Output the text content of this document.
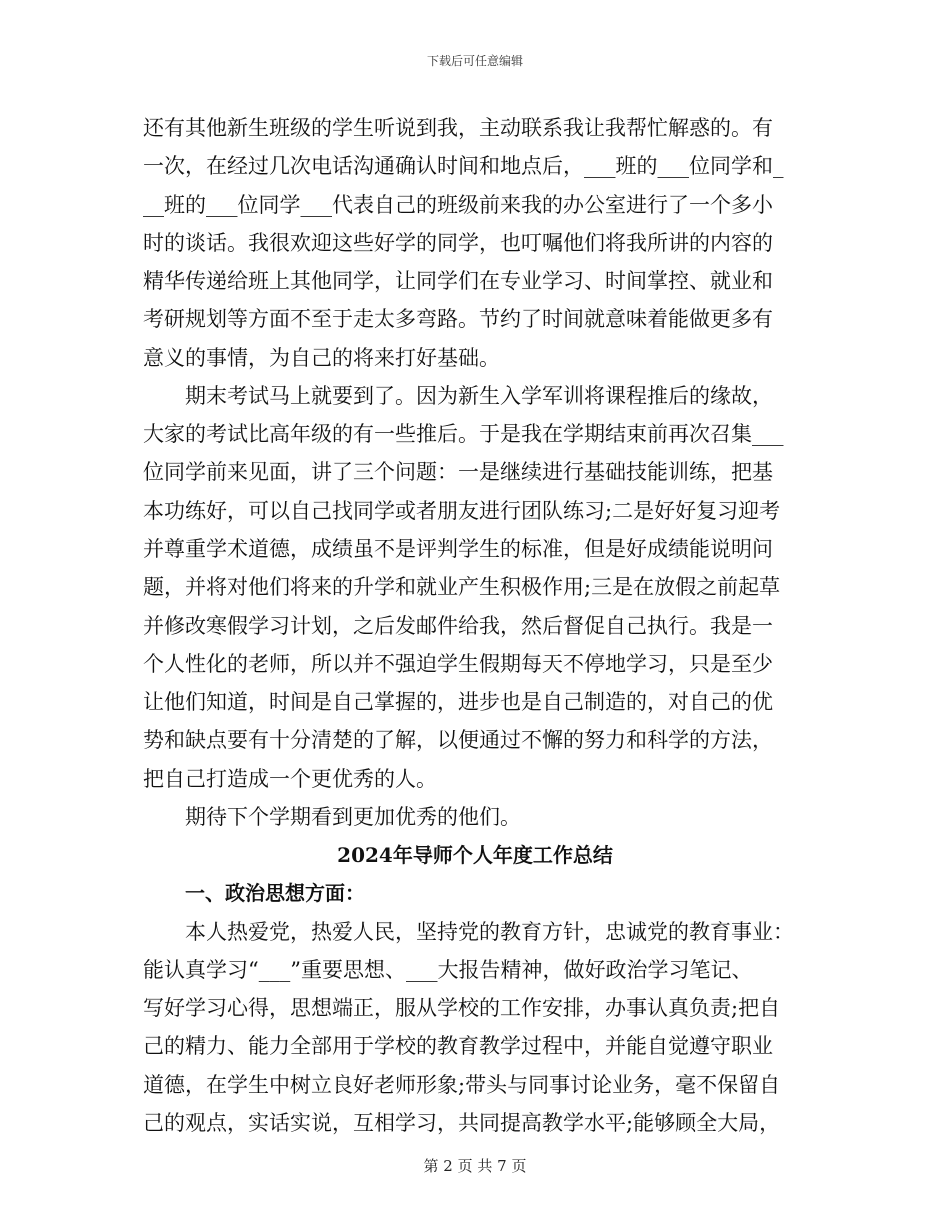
下载后可任意编辑
还有其他新生班级的学生听说到我，主动联系我让我帮忙解惑的。有
一次，在经过几次电话沟通确认时间和地点后，___班的___位同学和_
__班的___位同学___代表自己的班级前来我的办公室进行了一个多小
时的谈话。我很欢迎这些好学的同学，也叮嘱他们将我所讲的内容的
精华传递给班上其他同学，让同学们在专业学习、时间掌控、就业和
考研规划等方面不至于走太多弯路。节约了时间就意味着能做更多有
意义的事情，为自己的将来打好基础。
期末考试马上就要到了。因为新生入学军训将课程推后的缘故，
大家的考试比高年级的有一些推后。于是我在学期结束前再次召集___
位同学前来见面，讲了三个问题：一是继续进行基础技能训练，把基
本功练好，可以自己找同学或者朋友进行团队练习;二是好好复习迎考
并尊重学术道德，成绩虽不是评判学生的标准，但是好成绩能说明问
题，并将对他们将来的升学和就业产生积极作用;三是在放假之前起草
并修改寒假学习计划，之后发邮件给我，然后督促自己执行。我是一
个人性化的老师，所以并不强迫学生假期每天不停地学习，只是至少
让他们知道，时间是自己掌握的，进步也是自己制造的，对自己的优
势和缺点要有十分清楚的了解，以便通过不懈的努力和科学的方法，
把自己打造成一个更优秀的人。
期待下个学期看到更加优秀的他们。
2024年导师个人年度工作总结
一、政治思想方面：
本人热爱党，热爱人民，坚持党的教育方针，忠诚党的教育事业：
能认真学习“___”重要思想、___大报告精神，做好政治学习笔记、
写好学习心得，思想端正，服从学校的工作安排，办事认真负责;把自
己的精力、能力全部用于学校的教育教学过程中，并能自觉遵守职业
道德，在学生中树立良好老师形象;带头与同事讨论业务，毫不保留自
己的观点，实话实说，互相学习，共同提高教学水平;能够顾全大局，
第 2 页 共 7 页
